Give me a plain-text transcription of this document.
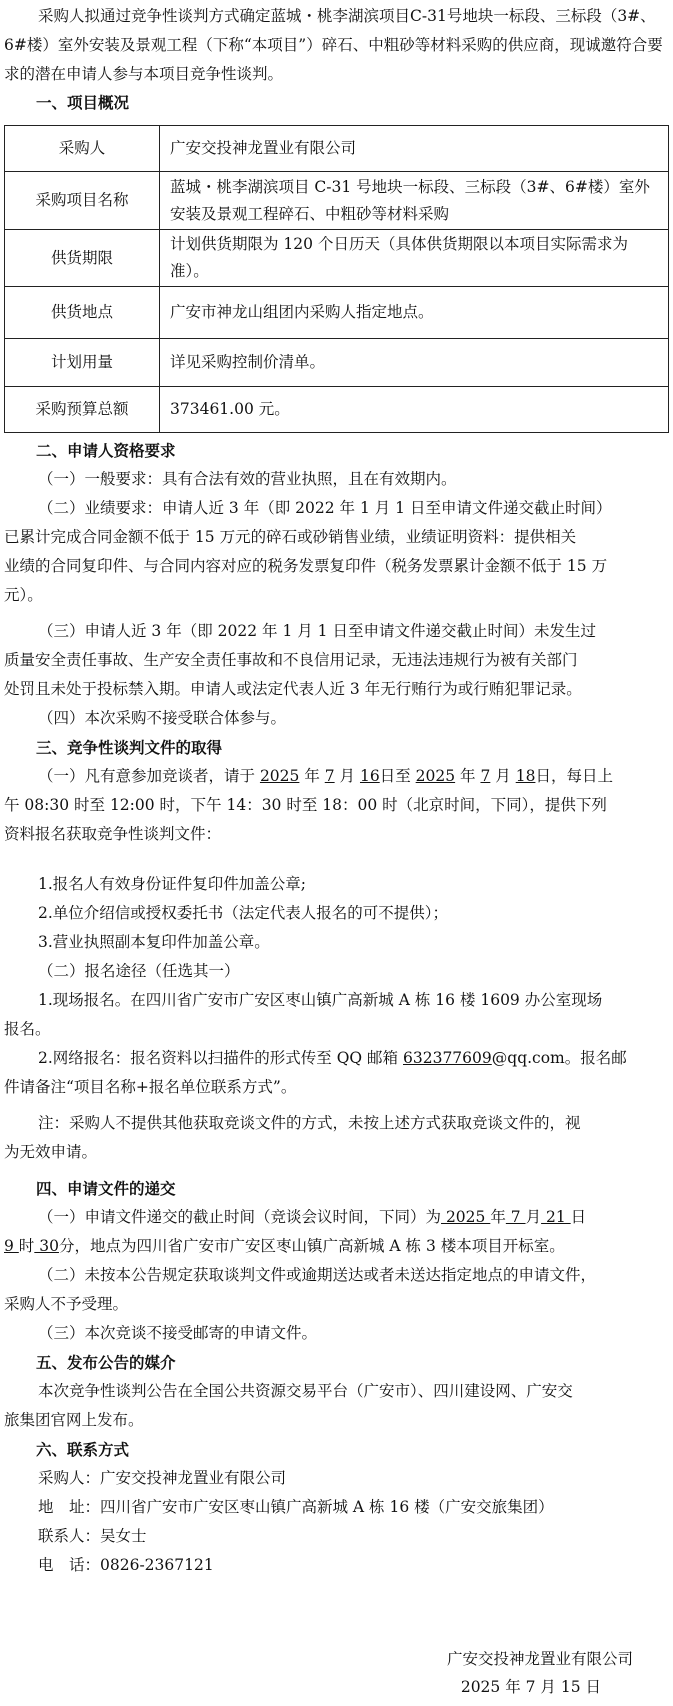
采购人拟通过竞争性谈判方式确定蓝城・桃李湖滨项目C-31号地块一标段、三标段（3#、6#楼）室外安装及景观工程（下称“本项目”）碎石、中粗砂等材料采购的供应商，现诚邀符合要求的潜在申请人参与本项目竞争性谈判。
一、项目概况
采购人	广安交投神龙置业有限公司
采购项目名称	蓝城・桃李湖滨项目 C-31 号地块一标段、三标段（3#、6#楼）室外安装及景观工程碎石、中粗砂等材料采购
供货期限	计划供货期限为 120 个日历天（具体供货期限以本项目实际需求为准）。
供货地点	广安市神龙山组团内采购人指定地点。
计划用量	详见采购控制价清单。
采购预算总额	373461.00 元。
二、申请人资格要求
（一）一般要求：具有合法有效的营业执照，且在有效期内。
（二）业绩要求：申请人近 3 年（即 2022 年 1 月 1 日至申请文件递交截止时间）
已累计完成合同金额不低于 15 万元的碎石或砂销售业绩，业绩证明资料：提供相关
业绩的合同复印件、与合同内容对应的税务发票复印件（税务发票累计金额不低于 15 万
元）。
（三）申请人近 3 年（即 2022 年 1 月 1 日至申请文件递交截止时间）未发生过
质量安全责任事故、生产安全责任事故和不良信用记录，无违法违规行为被有关部门
处罚且未处于投标禁入期。申请人或法定代表人近 3 年无行贿行为或行贿犯罪记录。
（四）本次采购不接受联合体参与。
三、竞争性谈判文件的取得
（一）凡有意参加竞谈者，请于 2025 年 7 月 16日至 2025 年 7 月 18日，每日上
午 08:30 时至 12:00 时，下午 14：30 时至 18：00 时（北京时间，下同），提供下列
资料报名获取竞争性谈判文件：
1.报名人有效身份证件复印件加盖公章;
2.单位介绍信或授权委托书（法定代表人报名的可不提供）；
3.营业执照副本复印件加盖公章。
（二）报名途径（任选其一）
1.现场报名。在四川省广安市广安区枣山镇广高新城 A 栋 16 楼 1609 办公室现场
报名。
2.网络报名：报名资料以扫描件的形式传至 QQ 邮箱 632377609@qq.com。报名邮
件请备注“项目名称+报名单位联系方式”。
注：采购人不提供其他获取竞谈文件的方式，未按上述方式获取竞谈文件的，视
为无效申请。
四、申请文件的递交
（一）申请文件递交的截止时间（竞谈会议时间，下同）为 2025 年 7 月 21 日
9 时 30分，地点为四川省广安市广安区枣山镇广高新城 A 栋 3 楼本项目开标室。
（二）未按本公告规定获取谈判文件或逾期送达或者未送达指定地点的申请文件，
采购人不予受理。
（三）本次竞谈不接受邮寄的申请文件。
五、发布公告的媒介
本次竞争性谈判公告在全国公共资源交易平台（广安市）、四川建设网、广安交
旅集团官网上发布。
六、联系方式
采购人：广安交投神龙置业有限公司
地　址：四川省广安市广安区枣山镇广高新城 A 栋 16 楼（广安交旅集团）
联系人：吴女士
电　话：0826-2367121
广安交投神龙置业有限公司
2025 年 7 月 15 日
